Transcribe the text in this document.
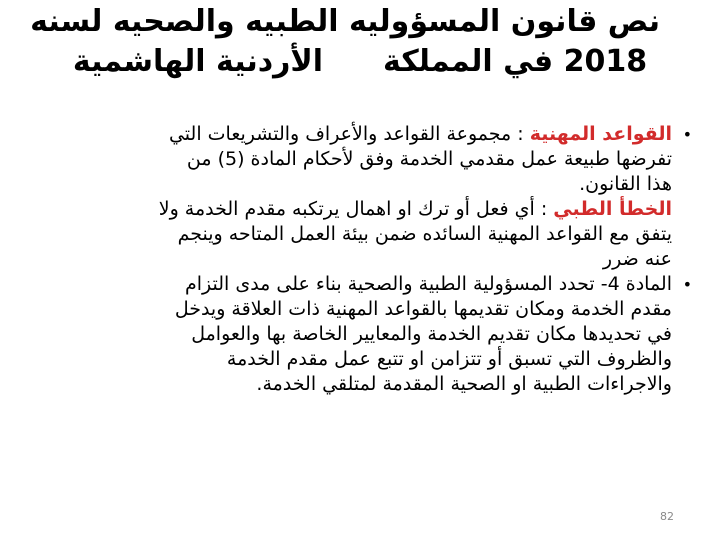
نص قانون المسؤوليه الطبيه والصحيه لسنه
2018 في المملكةالأردنية الهاشمية
•
القواعد المهنية : مجموعة القواعد والأعراف والتشريعات التي
تفرضها طبيعة عمل مقدمي الخدمة وفق لأحكام المادة (5) من
هذا القانون.
الخطأ الطبي : أي فعل أو ترك او اهمال يرتكبه مقدم الخدمة ولا
يتفق مع القواعد المهنية السائده ضمن بيئة العمل المتاحه وينجم
عنه ضرر
•
المادة 4- تحدد المسؤولية الطبية والصحية بناء على مدى التزام
مقدم الخدمة ومكان تقديمها بالقواعد المهنية ذات العلاقة ويدخل
في تحديدها مكان تقديم الخدمة والمعايير الخاصة بها والعوامل
والظروف التي تسبق أو تتزامن او تتبع عمل مقدم الخدمة
والاجراءات الطبية او الصحية المقدمة لمتلقي الخدمة.
82
